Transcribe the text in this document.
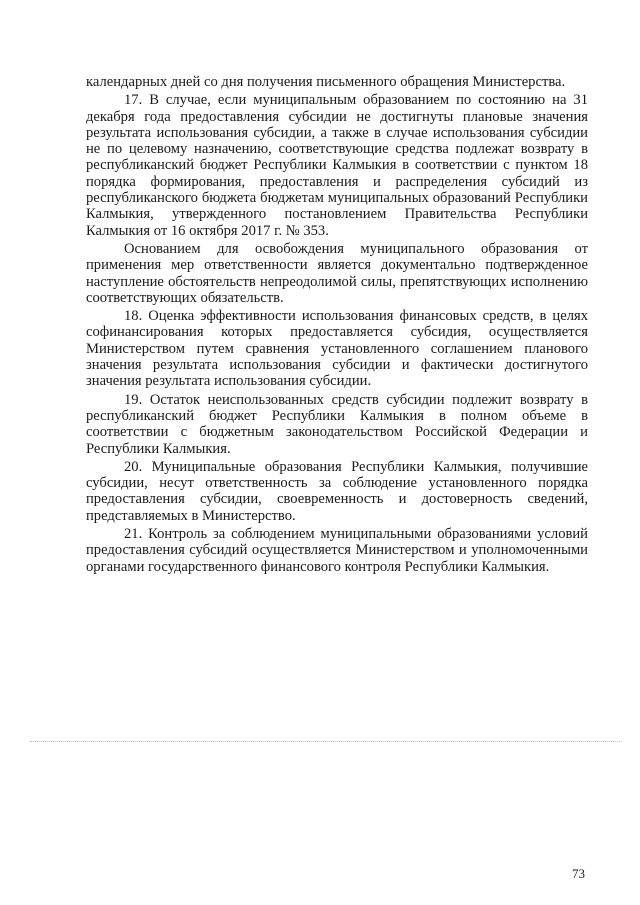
календарных дней со дня получения письменного обращения Министерства.

17. В случае, если муниципальным образованием по состоянию на 31 декабря года предоставления субсидии не достигнуты плановые значения результата использования субсидии, а также в случае использования субсидии не по целевому назначению, соответствующие средства подлежат возврату в республиканский бюджет Республики Калмыкия в соответствии с пунктом 18 порядка формирования, предоставления и распределения субсидий из республиканского бюджета бюджетам муниципальных образований Республики Калмыкия, утвержденного постановлением Правительства Республики Калмыкия от 16 октября 2017 г. № 353.

Основанием для освобождения муниципального образования от применения мер ответственности является документально подтвержденное наступление обстоятельств непреодолимой силы, препятствующих исполнению соответствующих обязательств.

18. Оценка эффективности использования финансовых средств, в целях софинансирования которых предоставляется субсидия, осуществляется Министерством путем сравнения установленного соглашением планового значения результата использования субсидии и фактически достигнутого значения результата использования субсидии.

19. Остаток неиспользованных средств субсидии подлежит возврату в республиканский бюджет Республики Калмыкия в полном объеме в соответствии с бюджетным законодательством Российской Федерации и Республики Калмыкия.

20. Муниципальные образования Республики Калмыкия, получившие субсидии, несут ответственность за соблюдение установленного порядка предоставления субсидии, своевременность и достоверность сведений, представляемых в Министерство.

21. Контроль за соблюдением муниципальными образованиями условий предоставления субсидий осуществляется Министерством и уполномоченными органами государственного финансового контроля Республики Калмыкия.

73
